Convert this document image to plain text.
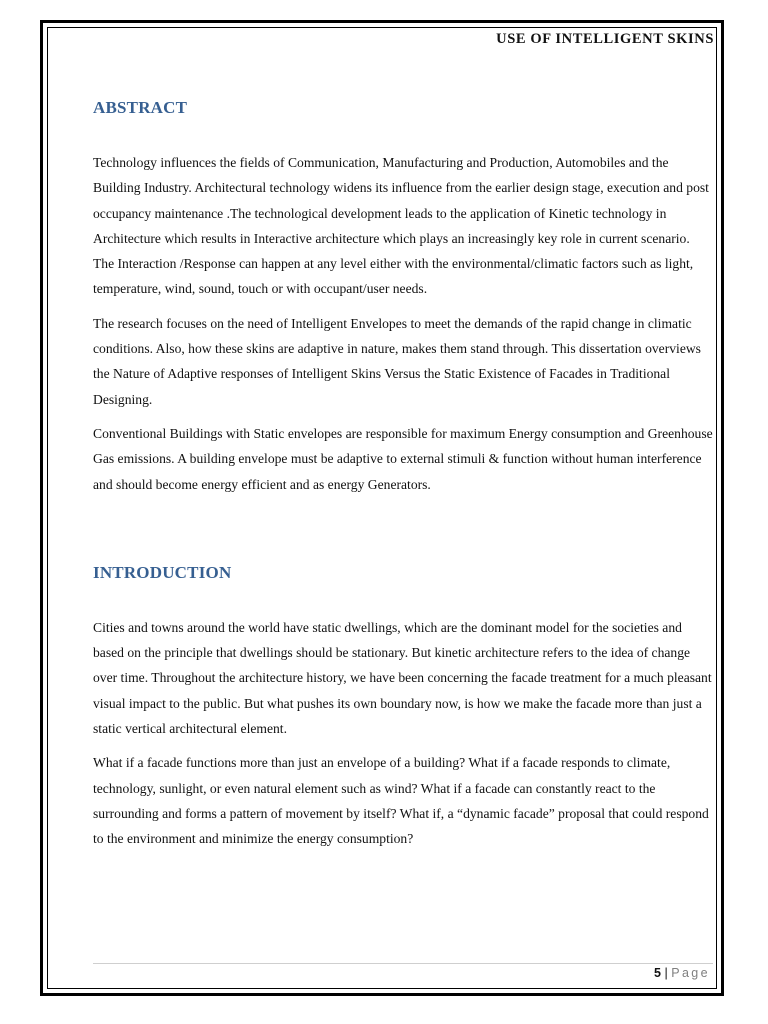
USE OF INTELLIGENT SKINS
ABSTRACT

Technology influences the fields of Communication, Manufacturing and Production, Automobiles and the Building Industry. Architectural technology widens its influence from the earlier design stage, execution and post occupancy maintenance .The technological development leads to the application of Kinetic technology in Architecture which results in Interactive architecture which plays an increasingly key role in current scenario. The Interaction /Response can happen at any level either with the environmental/climatic factors such as light, temperature, wind, sound, touch or with occupant/user needs.

The research focuses on the need of Intelligent Envelopes to meet the demands of the rapid change in climatic conditions. Also, how these skins are adaptive in nature, makes them stand through. This dissertation overviews the Nature of Adaptive responses of Intelligent Skins Versus the Static Existence of Facades in Traditional Designing.

Conventional Buildings with Static envelopes are responsible for maximum Energy consumption and Greenhouse Gas emissions. A building envelope must be adaptive to external stimuli & function without human interference and should become energy efficient and as energy Generators.

INTRODUCTION

Cities and towns around the world have static dwellings, which are the dominant model for the societies and based on the principle that dwellings should be stationary. But kinetic architecture refers to the idea of change over time. Throughout the architecture history, we have been concerning the facade treatment for a much pleasant visual impact to the public. But what pushes its own boundary now, is how we make the facade more than just a static vertical architectural element.

What if a facade functions more than just an envelope of a building? What if a facade responds to climate, technology, sunlight, or even natural element such as wind? What if a facade can constantly react to the surrounding and forms a pattern of movement by itself? What if, a “dynamic facade” proposal that could respond to the environment and minimize the energy consumption?

5 | Page
